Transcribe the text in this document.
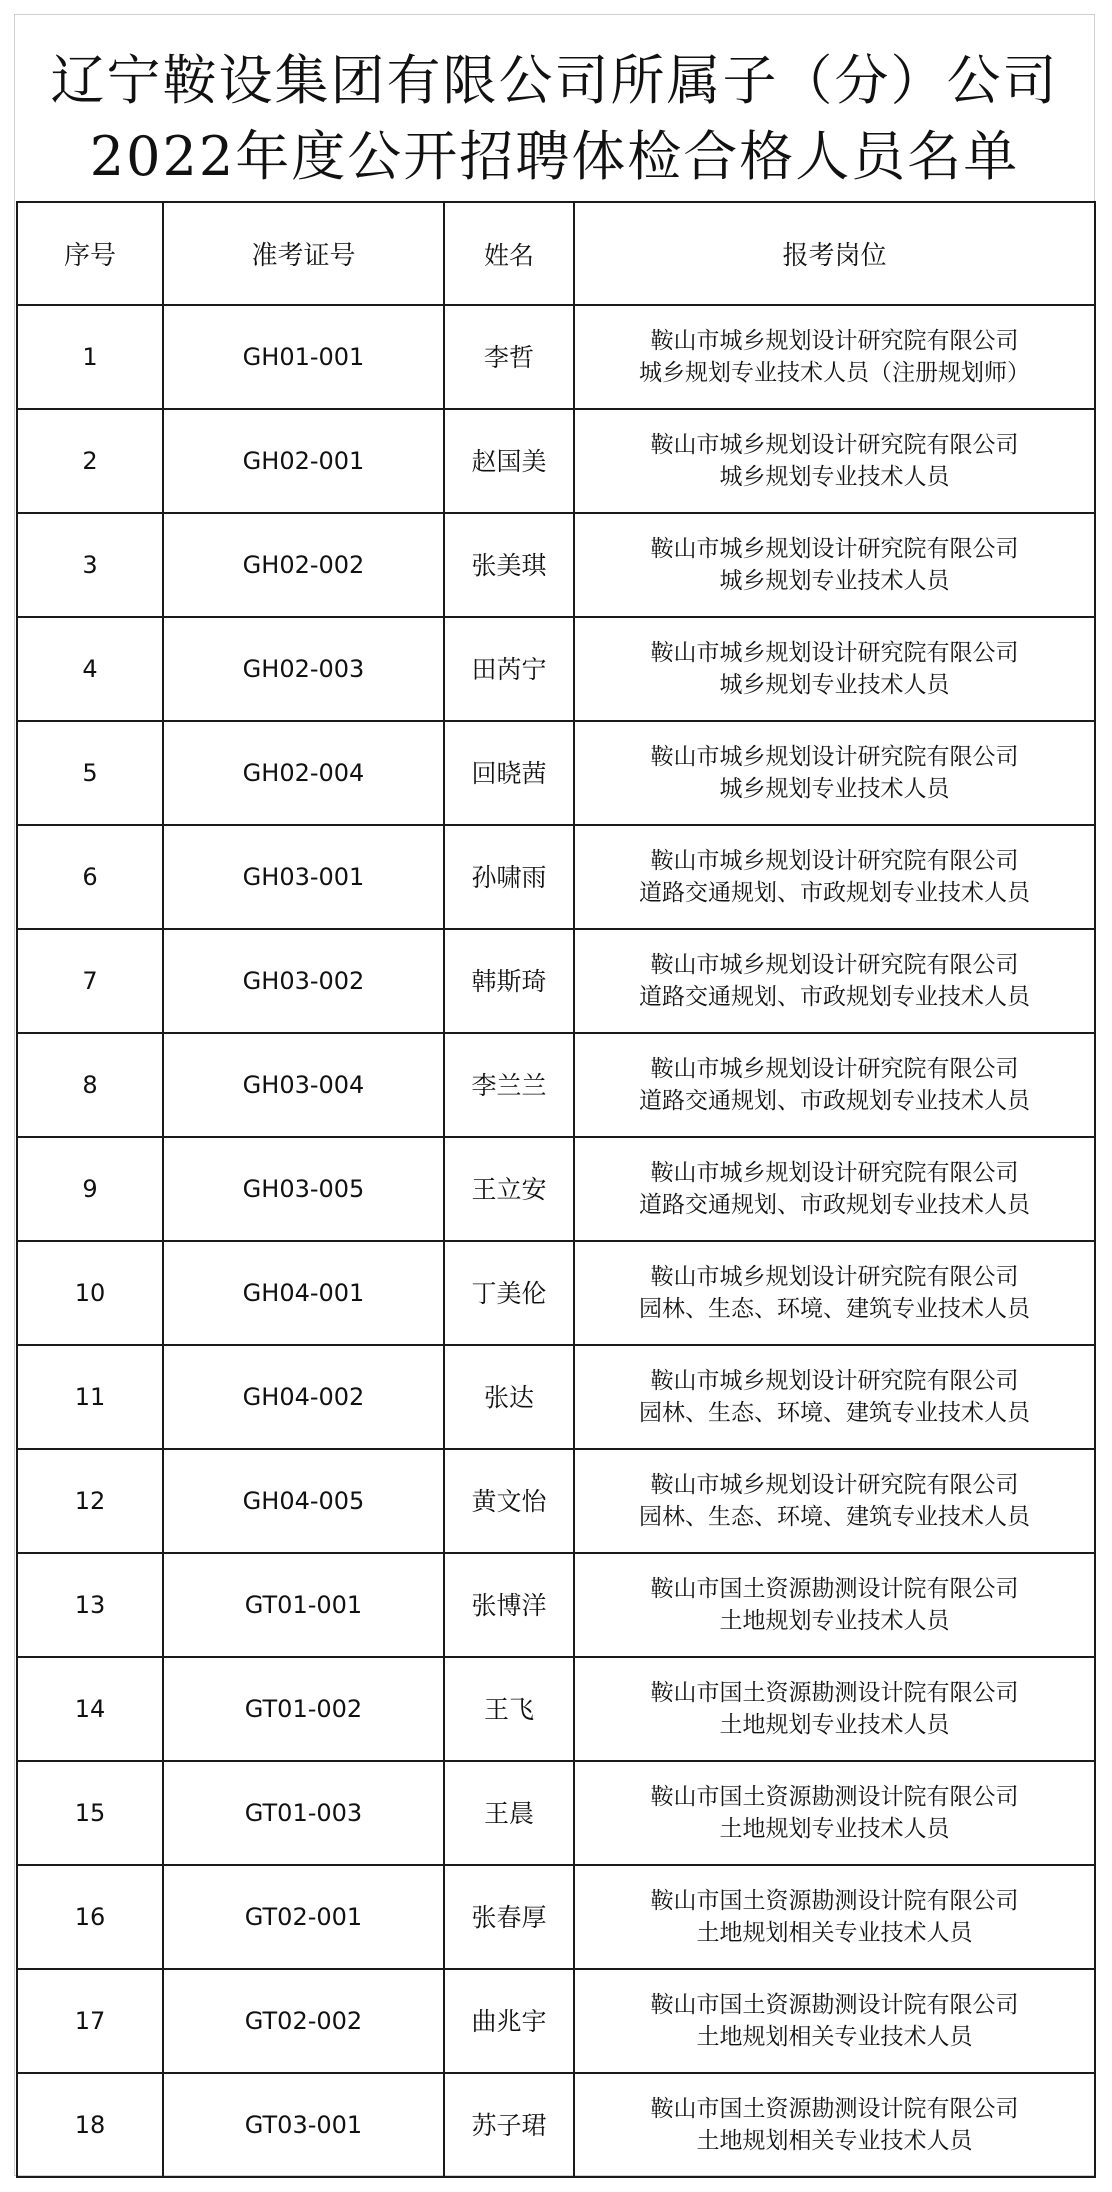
辽宁鞍设集团有限公司所属子（分）公司
2022年度公开招聘体检合格人员名单
序号	准考证号	姓名	报考岗位
1	GH01-001	李哲	鞍山市城乡规划设计研究院有限公司
城乡规划专业技术人员（注册规划师）

2	GH02-001	赵国美	鞍山市城乡规划设计研究院有限公司
城乡规划专业技术人员

3	GH02-002	张美琪	鞍山市城乡规划设计研究院有限公司
城乡规划专业技术人员

4	GH02-003	田芮宁	鞍山市城乡规划设计研究院有限公司
城乡规划专业技术人员

5	GH02-004	回晓茜	鞍山市城乡规划设计研究院有限公司
城乡规划专业技术人员

6	GH03-001	孙啸雨	鞍山市城乡规划设计研究院有限公司
道路交通规划、市政规划专业技术人员

7	GH03-002	韩斯琦	鞍山市城乡规划设计研究院有限公司
道路交通规划、市政规划专业技术人员

8	GH03-004	李兰兰	鞍山市城乡规划设计研究院有限公司
道路交通规划、市政规划专业技术人员

9	GH03-005	王立安	鞍山市城乡规划设计研究院有限公司
道路交通规划、市政规划专业技术人员

10	GH04-001	丁美伦	鞍山市城乡规划设计研究院有限公司
园林、生态、环境、建筑专业技术人员

11	GH04-002	张达	鞍山市城乡规划设计研究院有限公司
园林、生态、环境、建筑专业技术人员

12	GH04-005	黄文怡	鞍山市城乡规划设计研究院有限公司
园林、生态、环境、建筑专业技术人员

13	GT01-001	张博洋	鞍山市国土资源勘测设计院有限公司
土地规划专业技术人员

14	GT01-002	王飞	鞍山市国土资源勘测设计院有限公司
土地规划专业技术人员

15	GT01-003	王晨	鞍山市国土资源勘测设计院有限公司
土地规划专业技术人员

16	GT02-001	张春厚	鞍山市国土资源勘测设计院有限公司
土地规划相关专业技术人员

17	GT02-002	曲兆宇	鞍山市国土资源勘测设计院有限公司
土地规划相关专业技术人员

18	GT03-001	苏子珺	鞍山市国土资源勘测设计院有限公司
土地规划相关专业技术人员
